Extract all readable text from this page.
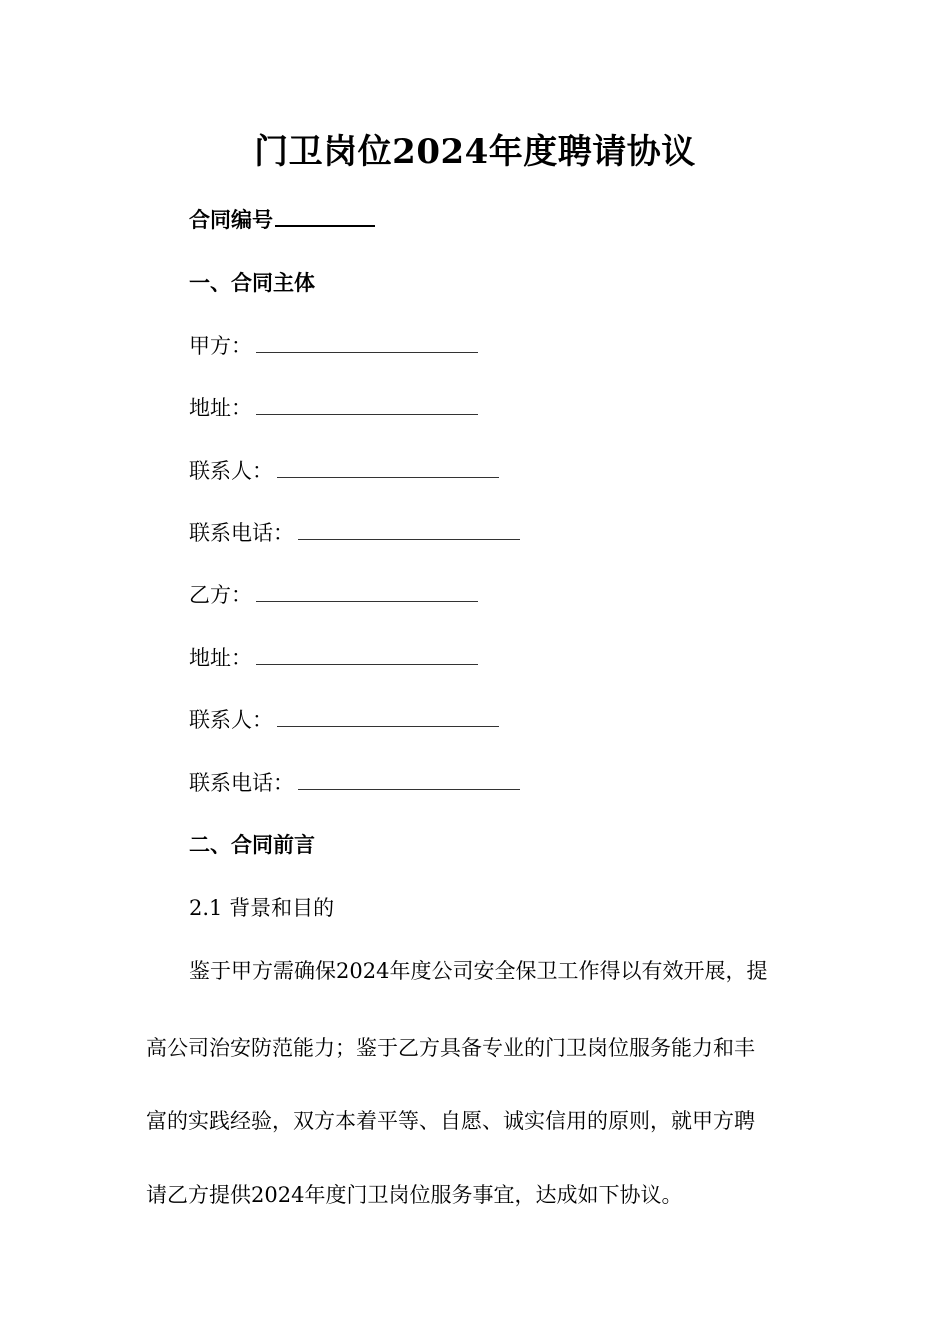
门卫岗位2024年度聘请协议
合同编号
一、合同主体
甲方：
地址：
联系人：
联系电话：
乙方：
地址：
联系人：
联系电话：
二、合同前言
2.1 背景和目的
鉴于甲方需确保2024年度公司安全保卫工作得以有效开展，提
高公司治安防范能力；鉴于乙方具备专业的门卫岗位服务能力和丰
富的实践经验，双方本着平等、自愿、诚实信用的原则，就甲方聘
请乙方提供2024年度门卫岗位服务事宜，达成如下协议。
